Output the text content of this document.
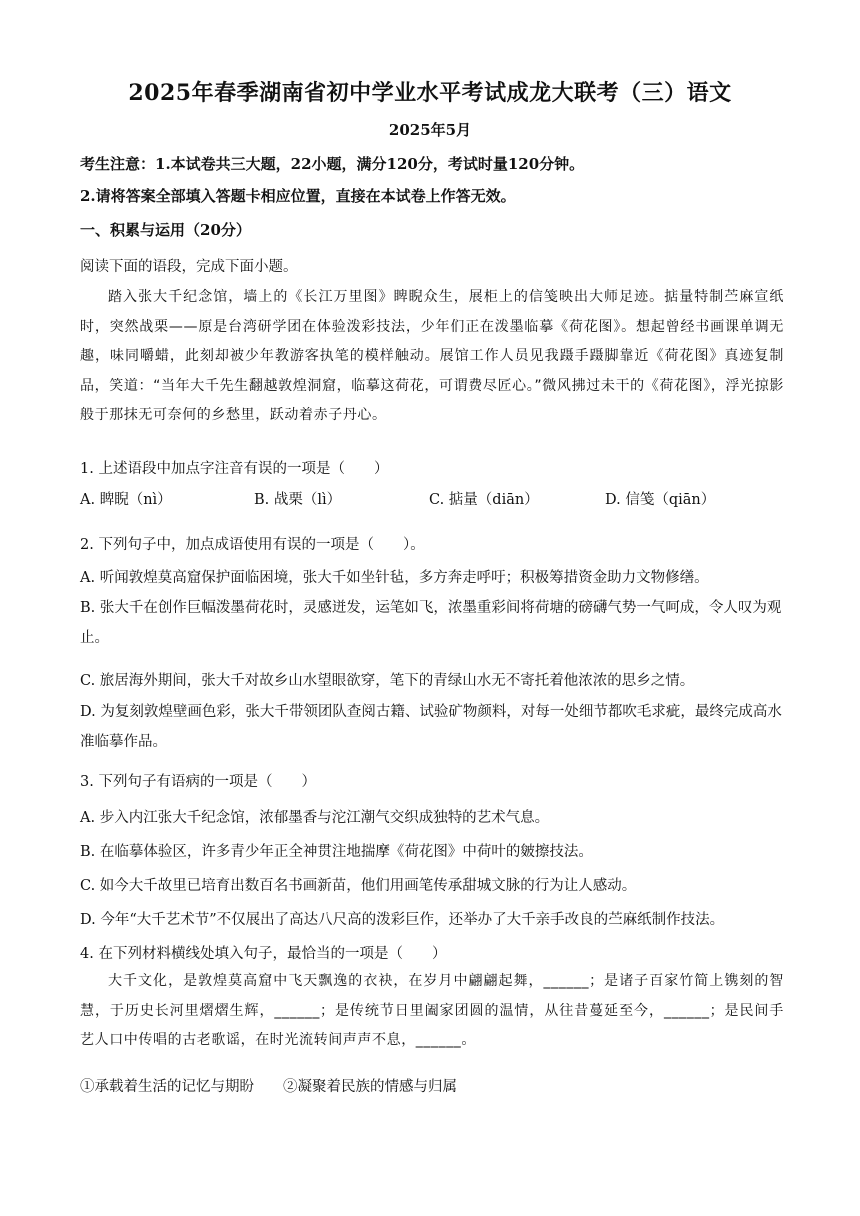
2025年春季湖南省初中学业水平考试成龙大联考（三）语文
2025年5月
考生注意：1.本试卷共三大题，22小题，满分120分，考试时量120分钟。
2.请将答案全部填入答题卡相应位置，直接在本试卷上作答无效。
一、积累与运用（20分）
阅读下面的语段，完成下面小题。
踏入张大千纪念馆，墙上的《长江万里图》睥睨众生，展柜上的信笺映出大师足迹。掂量特制苎麻宣纸时，突然战栗——原是台湾研学团在体验泼彩技法，少年们正在泼墨临摹《荷花图》。想起曾经书画课单调无趣，味同嚼蜡，此刻却被少年教游客执笔的模样触动。展馆工作人员见我蹑手蹑脚靠近《荷花图》真迹复制品，笑道：“当年大千先生翻越敦煌洞窟，临摹这荷花，可谓费尽匠心。”微风拂过未干的《荷花图》，浮光掠影般于那抹无可奈何的乡愁里，跃动着赤子丹心。
1. 上述语段中加点字注音有误的一项是（　　）
A. 睥睨（nì）	B. 战栗（lì）	C. 掂量（diān）	D. 信笺（qiān）
2. 下列句子中，加点成语使用有误的一项是（　　）。
A. 听闻敦煌莫高窟保护面临困境，张大千如坐针毡，多方奔走呼吁；积极筹措资金助力文物修缮。
B. 张大千在创作巨幅泼墨荷花时，灵感迸发，运笔如飞，浓墨重彩间将荷塘的磅礴气势一气呵成，令人叹为观止。
C. 旅居海外期间，张大千对故乡山水望眼欲穿，笔下的青绿山水无不寄托着他浓浓的思乡之情。
D. 为复刻敦煌壁画色彩，张大千带领团队查阅古籍、试验矿物颜料，对每一处细节都吹毛求疵，最终完成高水准临摹作品。
3. 下列句子有语病的一项是（　　）
A. 步入内江张大千纪念馆，浓郁墨香与沱江潮气交织成独特的艺术气息。
B. 在临摹体验区，许多青少年正全神贯注地揣摩《荷花图》中荷叶的皴擦技法。
C. 如今大千故里已培育出数百名书画新苗，他们用画笔传承甜城文脉的行为让人感动。
D. 今年“大千艺术节”不仅展出了高达八尺高的泼彩巨作，还举办了大千亲手改良的苎麻纸制作技法。
4. 在下列材料横线处填入句子，最恰当的一项是（　　）
大千文化，是敦煌莫高窟中飞天飘逸的衣袂，在岁月中翩翩起舞，______；是诸子百家竹简上镌刻的智慧，于历史长河里熠熠生辉，______；是传统节日里阖家团圆的温情，从往昔蔓延至今，______；是民间手艺人口中传唱的古老歌谣，在时光流转间声声不息，______。
①承载着生活的记忆与期盼　　②凝聚着民族的情感与归属
